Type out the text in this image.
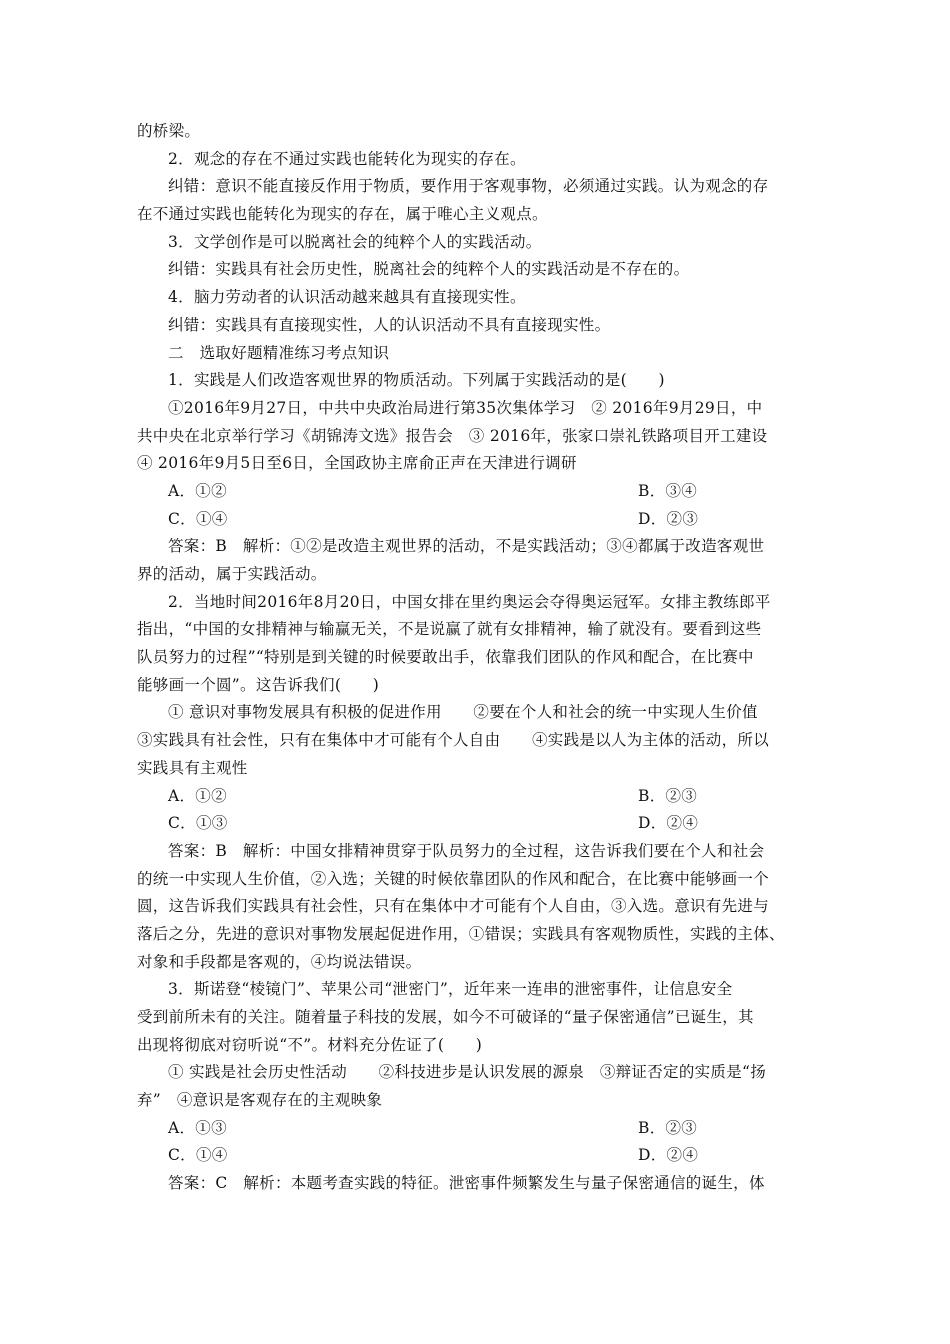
的桥梁。
2．观念的存在不通过实践也能转化为现实的存在。
纠错：意识不能直接反作用于物质，要作用于客观事物，必须通过实践。认为观念的存
在不通过实践也能转化为现实的存在，属于唯心主义观点。
3．文学创作是可以脱离社会的纯粹个人的实践活动。
纠错：实践具有社会历史性，脱离社会的纯粹个人的实践活动是不存在的。
4．脑力劳动者的认识活动越来越具有直接现实性。
纠错：实践具有直接现实性，人的认识活动不具有直接现实性。
二　选取好题精准练习考点知识
1．实践是人们改造客观世界的物质活动。下列属于实践活动的是(　　)
①2016年9月27日，中共中央政治局进行第35次集体学习　② 2016年9月29日，中
共中央在北京举行学习《胡锦涛文选》报告会　③ 2016年，张家口崇礼铁路项目开工建设
④ 2016年9月5日至6日，全国政协主席俞正声在天津进行调研
A．①②	B．③④
C．①④	D．②③
答案：B　解析：①②是改造主观世界的活动，不是实践活动；③④都属于改造客观世
界的活动，属于实践活动。
2．当地时间2016年8月20日，中国女排在里约奥运会夺得奥运冠军。女排主教练郎平
指出，“中国的女排精神与输赢无关，不是说赢了就有女排精神，输了就没有。要看到这些
队员努力的过程”“特别是到关键的时候要敢出手，依靠我们团队的作风和配合，在比赛中
能够画一个圆”。这告诉我们(　　)
① 意识对事物发展具有积极的促进作用　　②要在个人和社会的统一中实现人生价值
③实践具有社会性，只有在集体中才可能有个人自由　　④实践是以人为主体的活动，所以
实践具有主观性
A．①②	B．②③
C．①③	D．②④
答案：B　解析：中国女排精神贯穿于队员努力的全过程，这告诉我们要在个人和社会
的统一中实现人生价值，②入选；关键的时候依靠团队的作风和配合，在比赛中能够画一个
圆，这告诉我们实践具有社会性，只有在集体中才可能有个人自由，③入选。意识有先进与
落后之分，先进的意识对事物发展起促进作用，①错误；实践具有客观物质性，实践的主体、
对象和手段都是客观的，④均说法错误。
3．斯诺登“棱镜门”、苹果公司“泄密门”，近年来一连串的泄密事件，让信息安全
受到前所未有的关注。随着量子科技的发展，如今不可破译的“量子保密通信”已诞生，其
出现将彻底对窃听说“不”。材料充分佐证了(　　)
① 实践是社会历史性活动　　②科技进步是认识发展的源泉　③辩证否定的实质是“扬
弃”　④意识是客观存在的主观映象
A．①③	B．②③
C．①④	D．②④
答案：C　解析：本题考查实践的特征。泄密事件频繁发生与量子保密通信的诞生，体
